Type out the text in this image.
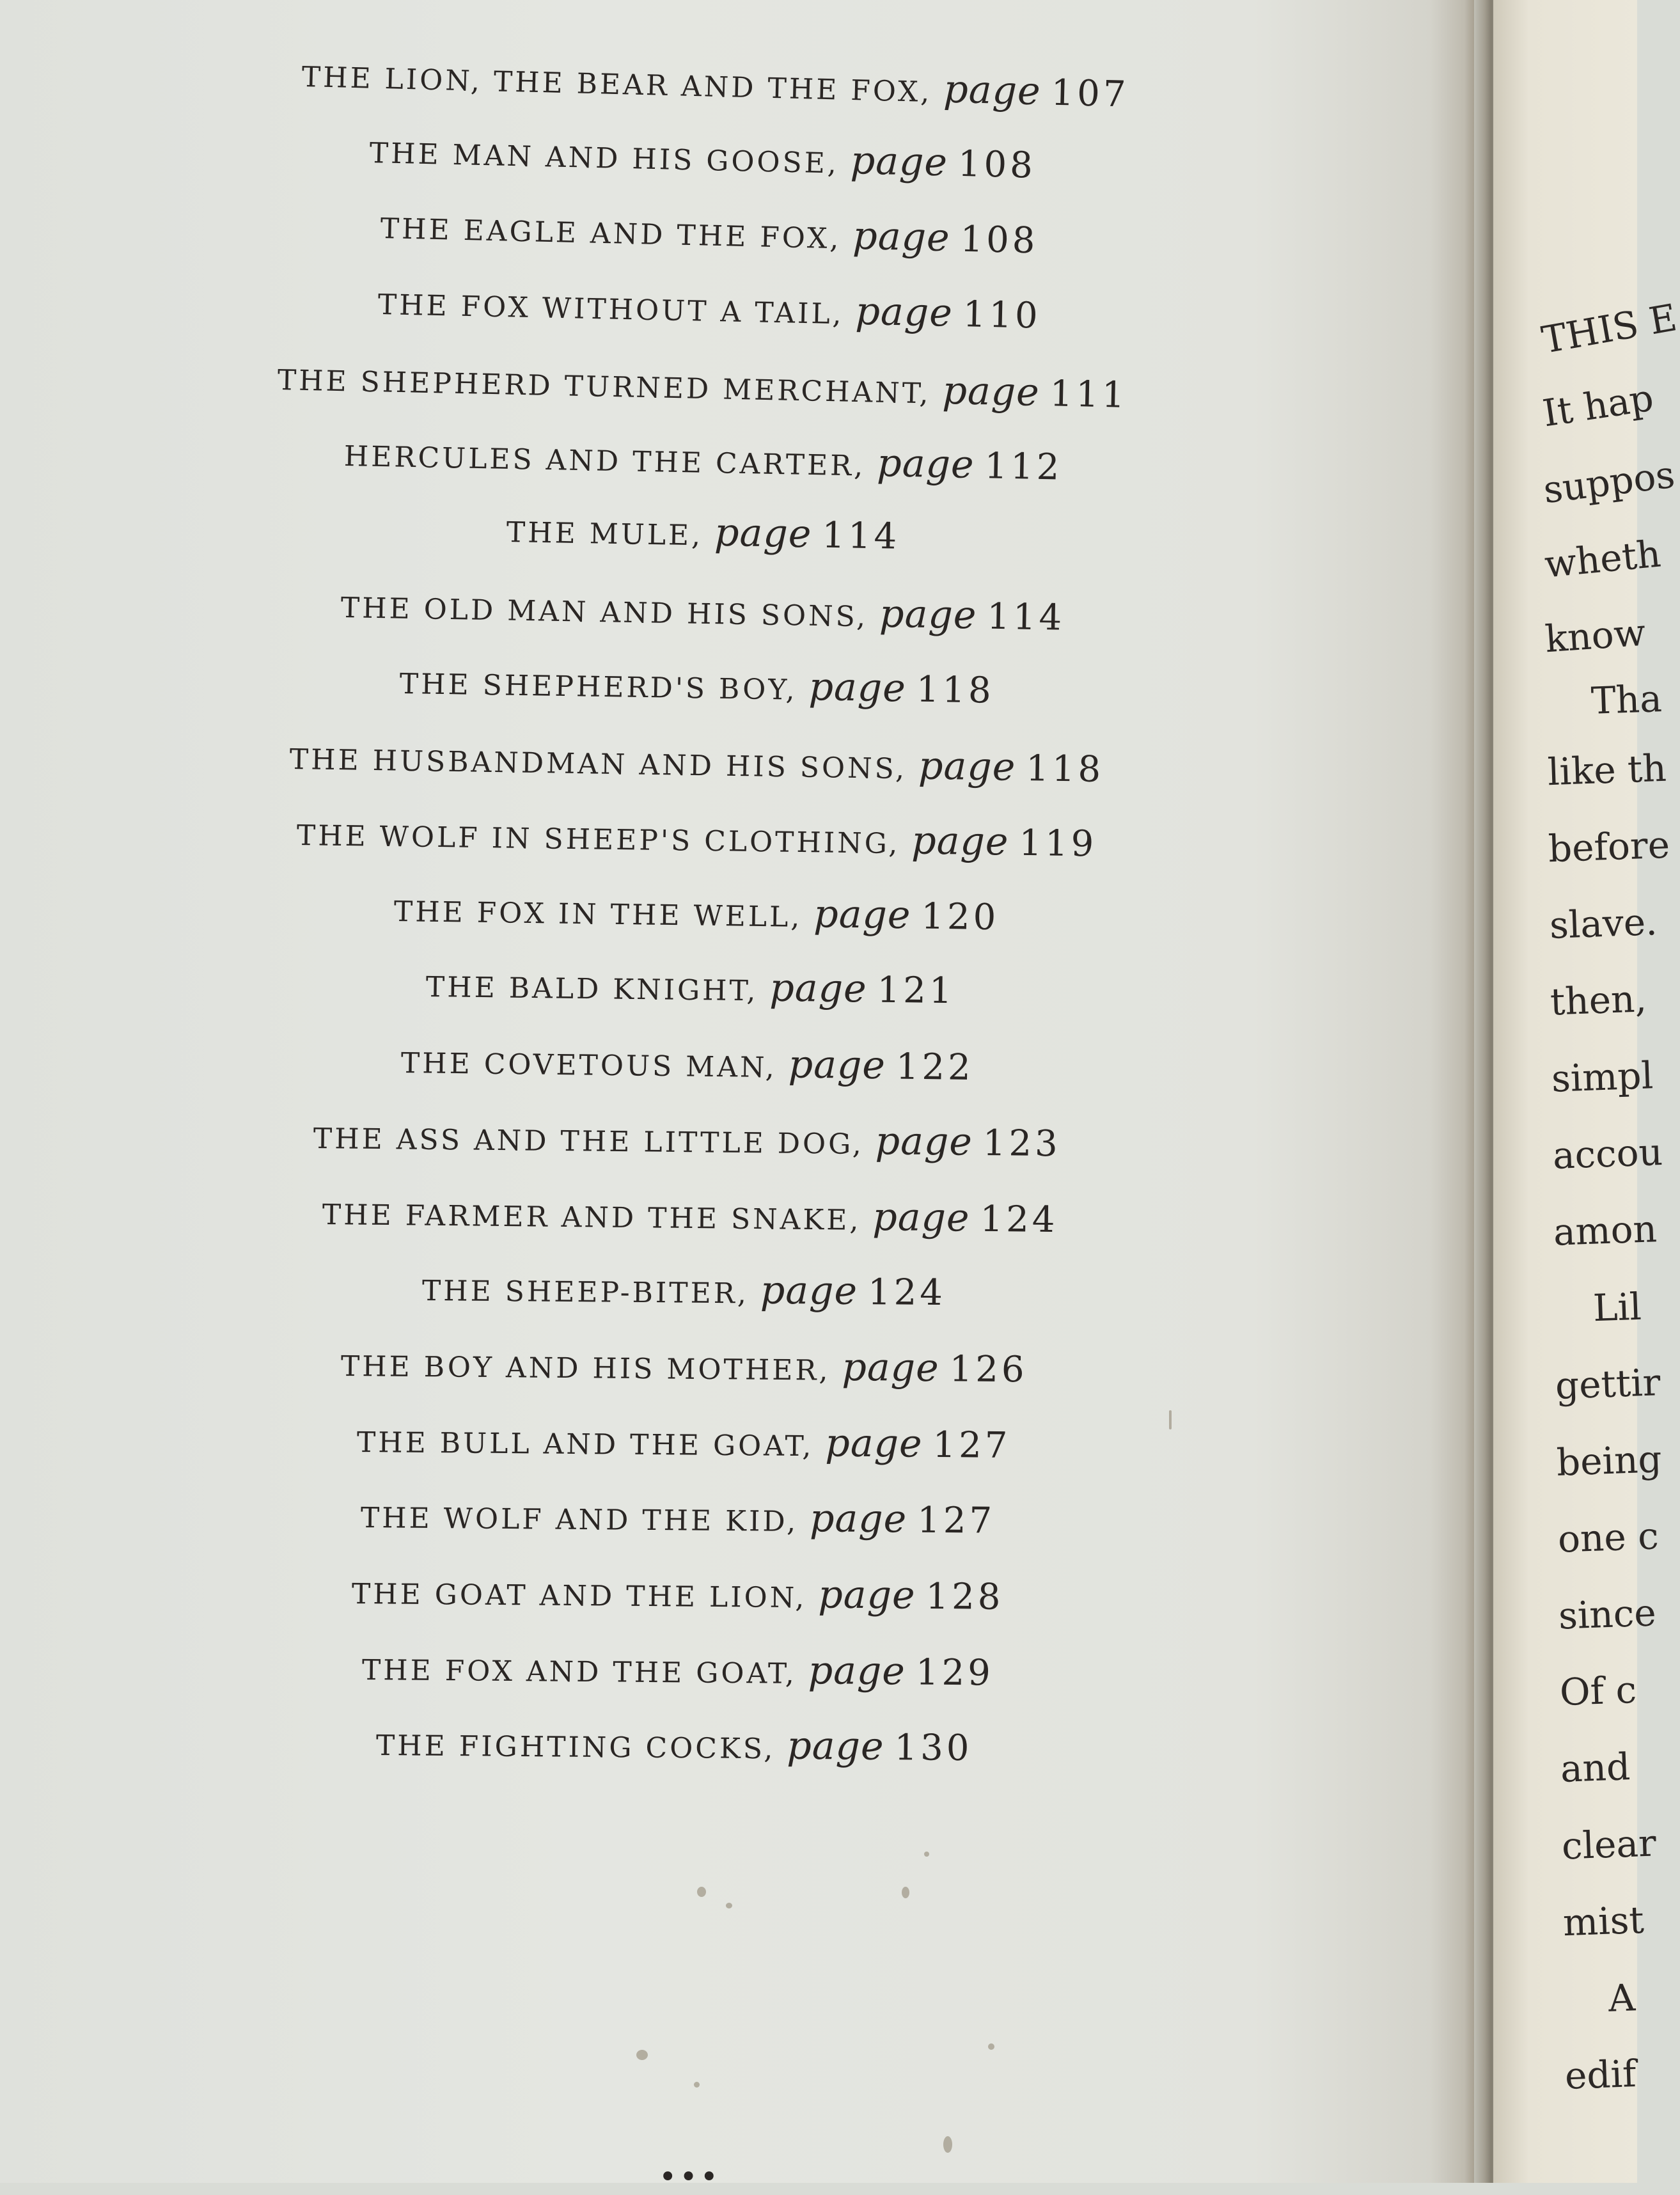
THE LION, THE BEAR AND THE FOX, page 107
THE MAN AND HIS GOOSE, page 108
THE EAGLE AND THE FOX, page 108
THE FOX WITHOUT A TAIL, page 110
THE SHEPHERD TURNED MERCHANT, page 111
HERCULES AND THE CARTER, page 112
THE MULE, page 114
THE OLD MAN AND HIS SONS, page 114
THE SHEPHERD'S BOY, page 118
THE HUSBANDMAN AND HIS SONS, page 118
THE WOLF IN SHEEP'S CLOTHING, page 119
THE FOX IN THE WELL, page 120
THE BALD KNIGHT, page 121
THE COVETOUS MAN, page 122
THE ASS AND THE LITTLE DOG, page 123
THE FARMER AND THE SNAKE, page 124
THE SHEEP-BITER, page 124
THE BOY AND HIS MOTHER, page 126
THE BULL AND THE GOAT, page 127
THE WOLF AND THE KID, page 127
THE GOAT AND THE LION, page 128
THE FOX AND THE GOAT, page 129
THE FIGHTING COCKS, page 130
•••
THIS E
It hap
suppos
wheth
know
Tha
like th
before
slave.
then,
simpl
accou
amon
Lil
gettir
being
one c
since
Of c
and
clear
mist
A
edif
